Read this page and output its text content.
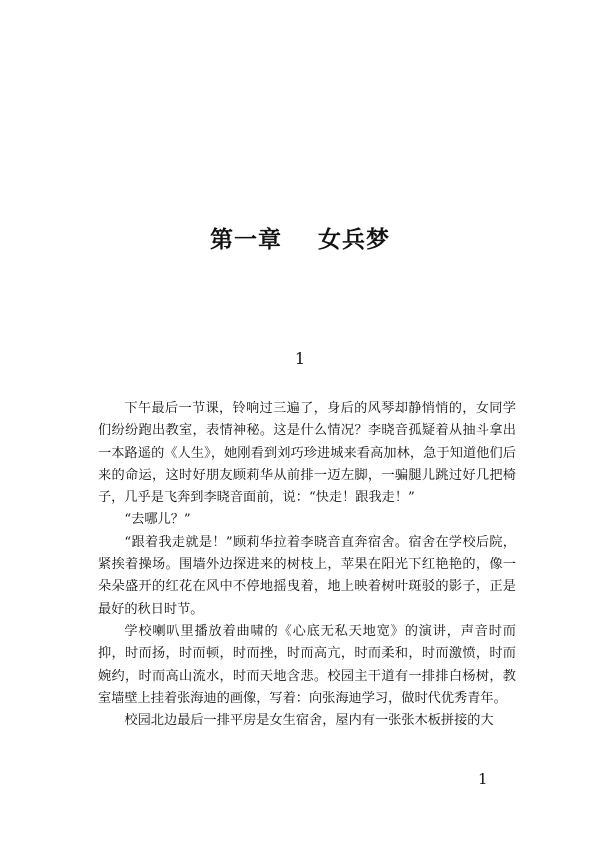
第一章    女兵梦
1

下午最后一节课，铃响过三遍了，身后的风琴却静悄悄的，女同学们纷纷跑出教室，表情神秘。这是什么情况？李晓音孤疑着从抽斗拿出一本路遥的《人生》，她刚看到刘巧珍进城来看高加林，急于知道他们后来的命运，这时好朋友顾莉华从前排一迈左脚，一骗腿儿跳过好几把椅子，几乎是飞奔到李晓音面前，说：“快走！跟我走！”

“去哪儿？”

“跟着我走就是！”顾莉华拉着李晓音直奔宿舍。宿舍在学校后院，紧挨着操场。围墙外边探进来的树枝上，苹果在阳光下红艳艳的，像一朵朵盛开的红花在风中不停地摇曳着，地上映着树叶斑驳的影子，正是最好的秋日时节。

学校喇叭里播放着曲啸的《心底无私天地宽》的演讲，声音时而抑，时而扬，时而顿，时而挫，时而高亢，时而柔和，时而激愤，时而婉约，时而高山流水，时而天地含悲。校园主干道有一排排白杨树，教室墙壁上挂着张海迪的画像，写着：向张海迪学习，做时代优秀青年。

校园北边最后一排平房是女生宿舍，屋内有一张张木板拼接的大

1
